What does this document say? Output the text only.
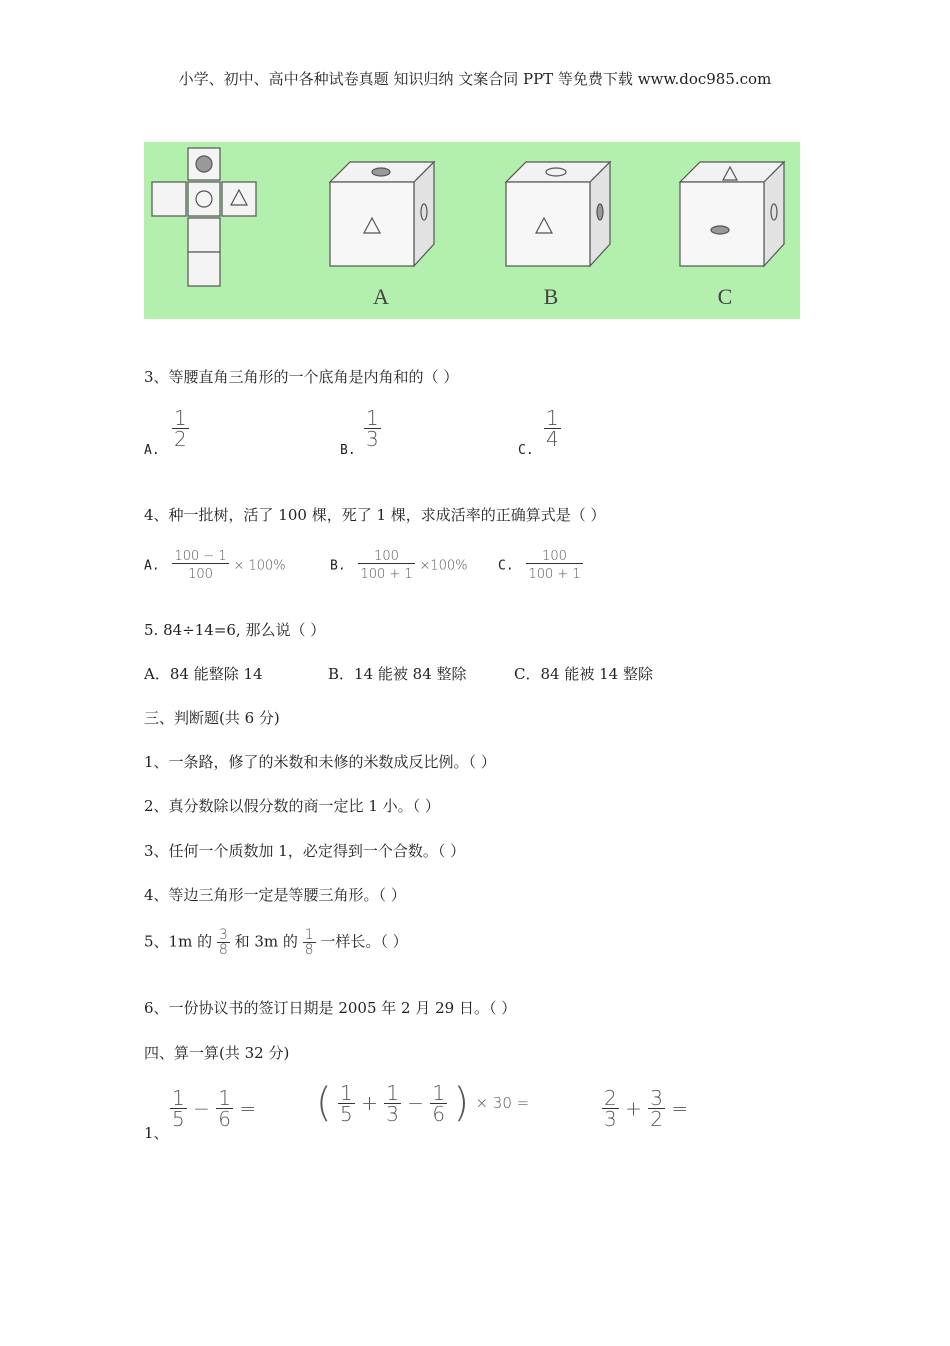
小学、初中、高中各种试卷真题 知识归纳 文案合同 PPT 等免费下载 www.doc985.com
A	B	C
3、等腰直角三角形的一个底角是内角和的（ ）
A.
$\frac{1}{2}$
B.
$\frac{1}{3}$
C.
$\frac{1}{4}$
4、种一批树，活了 100 棵，死了 1 棵，求成活率的正确算式是（ ）
A. $\frac{100 - 1}{100} \times 100\%$	B. $\frac{100}{100 + 1} \times 100\%$ C. $\frac{100}{100 + 1}$
5. 84÷14=6, 那么说（ ）
A．84 能整除 14	B．14 能被 84 整除	C．84 能被 14 整除
三、判断题(共 6 分)
1、一条路，修了的米数和未修的米数成反比例。（ ）
2、真分数除以假分数的商一定比 1 小。（ ）
3、任何一个质数加 1，必定得到一个合数。（ ）
4、等边三角形一定是等腰三角形。（ ）
5、1m 的 $\frac{3}{8}$ 和 3m 的 $\frac{1}{8}$ 一样长。（ ）
6、一份协议书的签订日期是 2005 年 2 月 29 日。（ ）
四、算一算(共 32 分)
1、
$\frac{1}{5} - \frac{1}{6}$ = ( $\frac{1}{5} + \frac{1}{3} - \frac{1}{6}$ ) × 30 =	$\frac{2}{3} + \frac{3}{2}$ =
